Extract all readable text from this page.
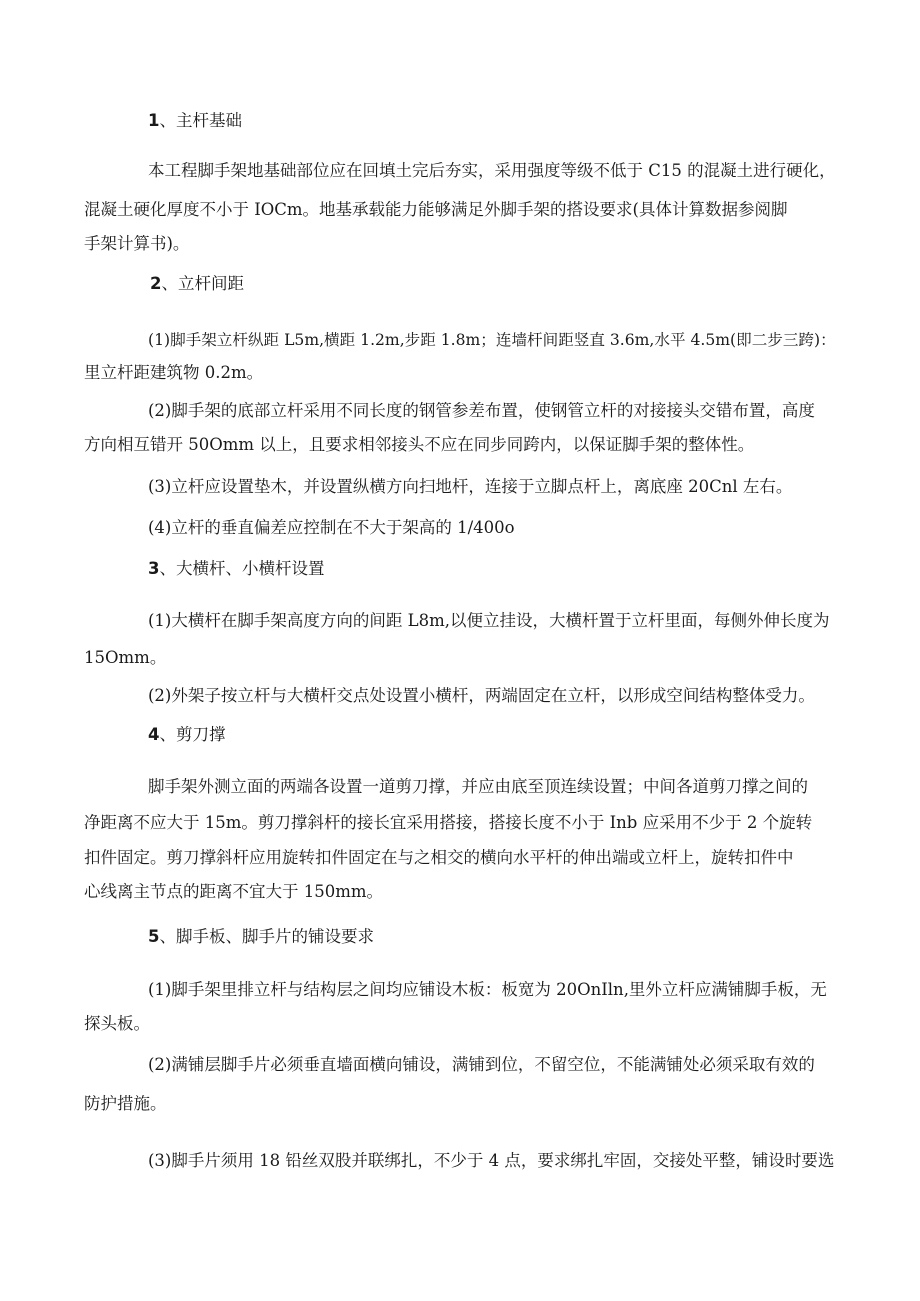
1、主杆基础
本工程脚手架地基础部位应在回填土完后夯实，采用强度等级不低于 C15 的混凝土进行硬化，
混凝土硬化厚度不小于 IOCm。地基承载能力能够满足外脚手架的搭设要求(具体计算数据参阅脚
手架计算书)。
2、立杆间距
(1)脚手架立杆纵距 L5m,横距 1.2m,步距 1.8m；连墙杆间距竖直 3.6m,水平 4.5m(即二步三跨)：
里立杆距建筑物 0.2m。
(2)脚手架的底部立杆采用不同长度的钢管参差布置，使钢管立杆的对接接头交错布置，高度
方向相互错开 50Omm 以上，且要求相邻接头不应在同步同跨内，以保证脚手架的整体性。
(3)立杆应设置垫木，并设置纵横方向扫地杆，连接于立脚点杆上，离底座 20Cnl 左右。
(4)立杆的垂直偏差应控制在不大于架高的 1/400o
3、大横杆、小横杆设置
(1)大横杆在脚手架高度方向的间距 L8m,以便立挂设，大横杆置于立杆里面，每侧外伸长度为
15Omm。
(2)外架子按立杆与大横杆交点处设置小横杆，两端固定在立杆，以形成空间结构整体受力。
4、剪刀撑
脚手架外测立面的两端各设置一道剪刀撑，并应由底至顶连续设置；中间各道剪刀撑之间的
净距离不应大于 15m。剪刀撑斜杆的接长宜采用搭接，搭接长度不小于 Inb 应采用不少于 2 个旋转
扣件固定。剪刀撑斜杆应用旋转扣件固定在与之相交的横向水平杆的伸出端或立杆上，旋转扣件中
心线离主节点的距离不宜大于 150mm。
5、脚手板、脚手片的铺设要求
(1)脚手架里排立杆与结构层之间均应铺设木板：板宽为 20OnIln,里外立杆应满铺脚手板，无
探头板。
(2)满铺层脚手片必须垂直墙面横向铺设，满铺到位，不留空位，不能满铺处必须采取有效的
防护措施。
(3)脚手片须用 18 铅丝双股并联绑扎，不少于 4 点，要求绑扎牢固，交接处平整，铺设时要选
